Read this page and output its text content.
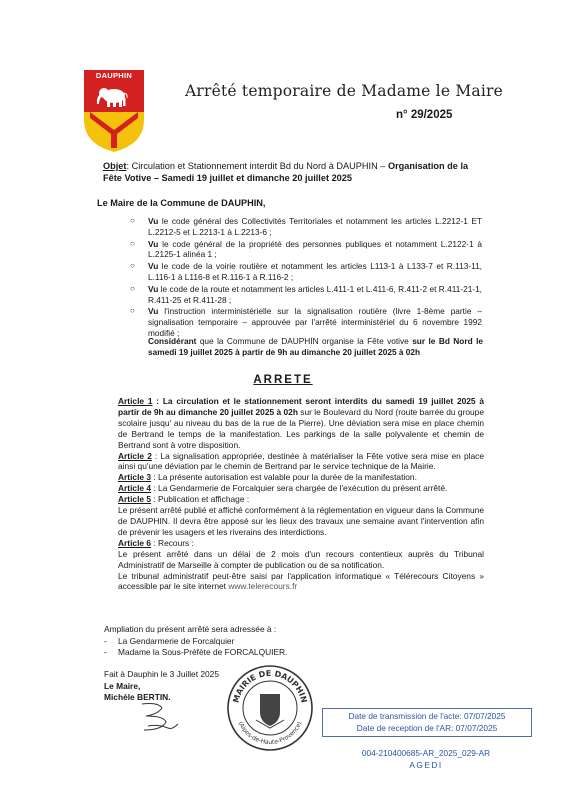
DAUPHIN
Arrêté temporaire de Madame le Maire
n° 29/2025
Objet: Circulation et Stationnement interdit Bd du Nord à DAUPHIN – Organisation de la Fête Votive – Samedi 19 juillet et dimanche 20 juillet 2025
Le Maire de la Commune de DAUPHIN,
○ Vu le code général des Collectivités Territoriales et notamment les articles L.2212-1 ET L.2212-5 et L.2213-1 à L.2213-6 ;
○ Vu le code général de la propriété des personnes publiques et notamment L.2122-1 à L.2125-1 alinéa 1 ;
○ Vu le code de la voirie routière et notamment les articles L113-1 à L133-7 et R.113-11, L.116-1 à L116-8 et R.116-1 à R.116-2 ;
○ Vu le code de la route et notamment les articles L.411-1 et L.411-6, R.411-2 et R.411-21-1, R.411-25 et R.411-28 ;
○ Vu l'instruction interministérielle sur la signalisation routière (livre 1-8ème partie – signalisation temporaire – approuvée par l'arrêté interministériel du 6 novembre 1992 modifié ;
Considérant que la Commune de DAUPHIN organise la Fête votive sur le Bd Nord le samedi 19 juillet 2025 à partir de 9h au dimanche 20 juillet 2025 à 02h
ARRETE

Article 1 : La circulation et le stationnement seront interdits du samedi 19 juillet 2025 à partir de 9h au dimanche 20 juillet 2025 à 02h sur le Boulevard du Nord (route barrée du groupe scolaire jusqu' au niveau du bas de la rue de la Pierre). Une déviation sera mise en place chemin de Bertrand le temps de la manifestation. Les parkings de la salle polyvalente et chemin de Bertrand sont à votre disposition.

Article 2 : La signalisation appropriée, destinée à matérialiser la Fête votive sera mise en place ainsi qu'une déviation par le chemin de Bertrand par le service technique de la Mairie.

Article 3 : La présente autorisation est valable pour la durée de la manifestation.

Article 4 : La Gendarmerie de Forcalquier sera chargée de l'exécution du présent arrêté.

Article 5 : Publication et affichage :

Le présent arrêté publié et affiché conformément à la réglementation en vigueur dans la Commune de DAUPHIN. Il devra être apposé sur les lieux des travaux une semaine avant l'intervention afin de prévenir les usagers et les riverains des interdictions.

Article 6 : Recours :

Le présent arrêté dans un délai de 2 mois d'un recours contentieux auprès du Tribunal Administratif de Marseille à compter de publication ou de sa notification.

Le tribunal administratif peut-être saisi par l'application informatique « Télérecours Citoyens » accessible par le site internet www.telerecours.fr

Ampliation du présent arrêté sera adressée à :
- La Gendarmerie de Forcalquier
- Madame la Sous-Préfète de FORCALQUIER.
Fait à Dauphin le 3 Juillet 2025
Le Maire,
Michèle BERTIN.	MAIRIE DE DAUPHIN
(Alpes-de-Haute-Provence)
Date de transmission de l'acte: 07/07/2025
Date de reception de l'AR: 07/07/2025
004-210400685-AR_2025_029-AR
AGEDI
